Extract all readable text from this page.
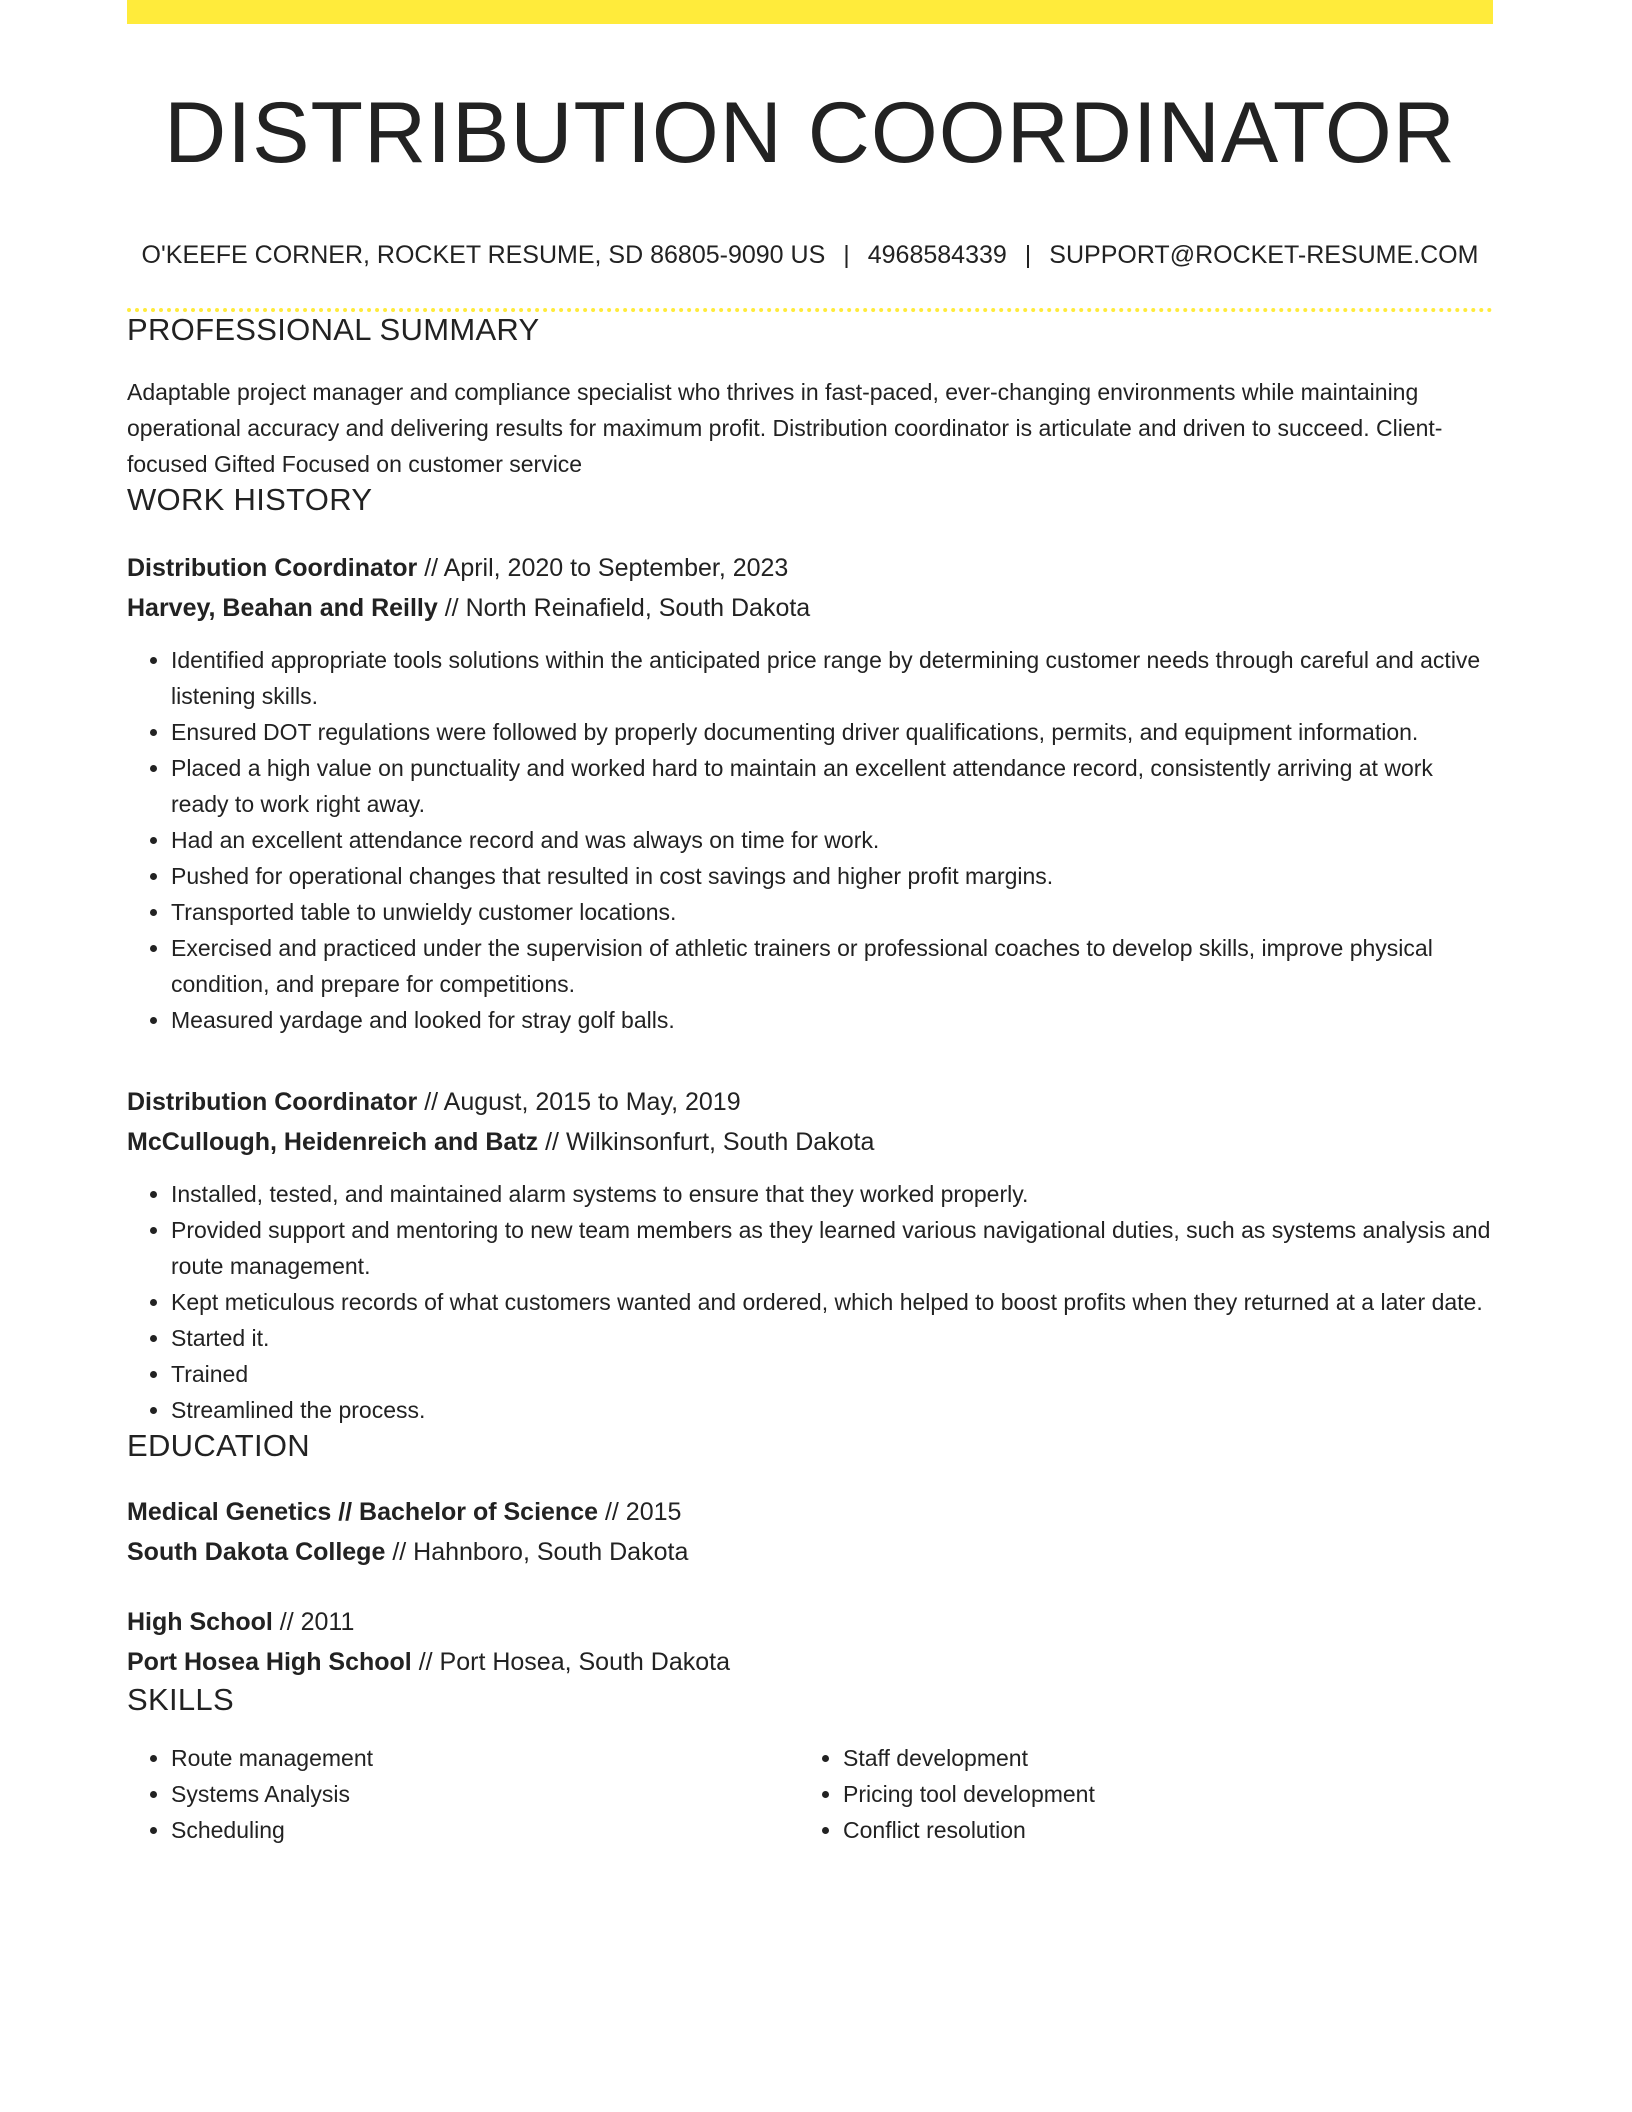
DISTRIBUTION COORDINATOR
O'KEEFE CORNER, ROCKET RESUME, SD 86805-9090 US | 4968584339 | SUPPORT@ROCKET-RESUME.COM
PROFESSIONAL SUMMARY

Adaptable project manager and compliance specialist who thrives in fast-paced, ever-changing environments while maintaining operational accuracy and delivering results for maximum profit. Distribution coordinator is articulate and driven to succeed. Client-focused Gifted Focused on customer service

WORK HISTORY
Distribution Coordinator // April, 2020 to September, 2023
Harvey, Beahan and Reilly // North Reinafield, South Dakota
• Identified appropriate tools solutions within the anticipated price range by determining customer needs through careful and active listening skills.
• Ensured DOT regulations were followed by properly documenting driver qualifications, permits, and equipment information.
• Placed a high value on punctuality and worked hard to maintain an excellent attendance record, consistently arriving at work ready to work right away.
• Had an excellent attendance record and was always on time for work.
• Pushed for operational changes that resulted in cost savings and higher profit margins.
• Transported table to unwieldy customer locations.
• Exercised and practiced under the supervision of athletic trainers or professional coaches to develop skills, improve physical condition, and prepare for competitions.
• Measured yardage and looked for stray golf balls.
Distribution Coordinator // August, 2015 to May, 2019
McCullough, Heidenreich and Batz // Wilkinsonfurt, South Dakota
• Installed, tested, and maintained alarm systems to ensure that they worked properly.
• Provided support and mentoring to new team members as they learned various navigational duties, such as systems analysis and route management.
• Kept meticulous records of what customers wanted and ordered, which helped to boost profits when they returned at a later date.
• Started it.
• Trained
• Streamlined the process.
EDUCATION
Medical Genetics // Bachelor of Science // 2015
South Dakota College // Hahnboro, South Dakota
High School // 2011
Port Hosea High School // Port Hosea, South Dakota
SKILLS
• Route management
• Systems Analysis
• Scheduling
• Staff development
• Pricing tool development
• Conflict resolution
